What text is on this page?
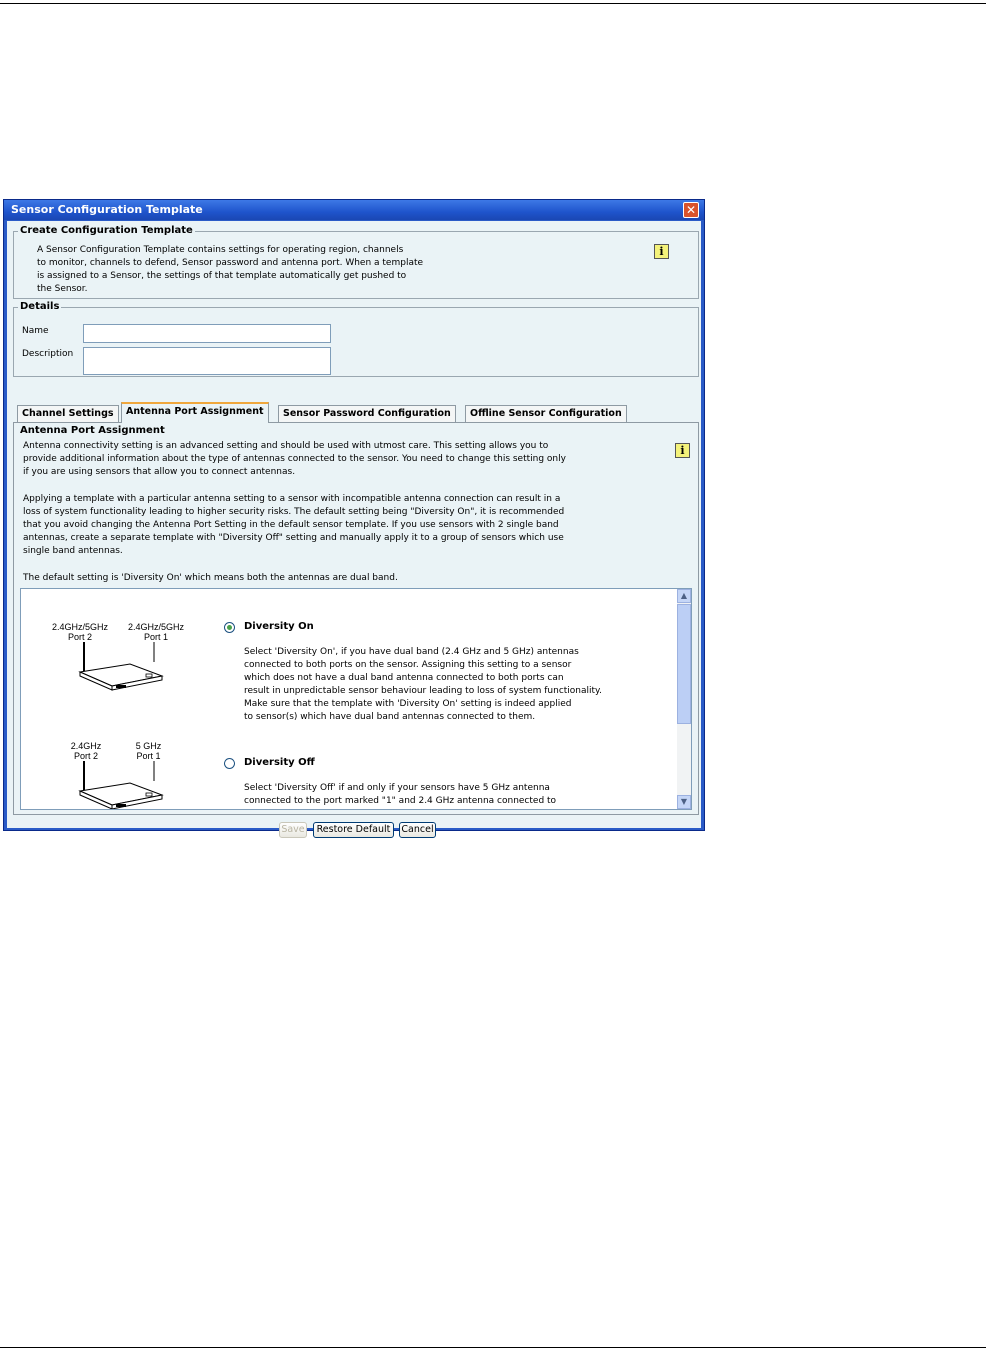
Sensor Configuration Template	✕
Create Configuration Template
A Sensor Configuration Template contains settings for operating region, channels
to monitor, channels to defend, Sensor password and antenna port. When a template
is assigned to a Sensor, the settings of that template automatically get pushed to
the Sensor.
i
Details
Name
Description
Channel Settings	Antenna Port Assignment	Sensor Password Configuration	Offline Sensor Configuration
Antenna Port Assignment
i
Antenna connectivity setting is an advanced setting and should be used with utmost care. This setting allows you to
provide additional information about the type of antennas connected to the sensor. You need to change this setting only
if you are using sensors that allow you to connect antennas.
Applying a template with a particular antenna setting to a sensor with incompatible antenna connection can result in a
loss of system functionality leading to higher security risks. The default setting being "Diversity On", it is recommended
that you avoid changing the Antenna Port Setting in the default sensor template. If you use sensors with 2 single band
antennas, create a separate template with "Diversity Off" setting and manually apply it to a group of sensors which use
single band antennas.
The default setting is 'Diversity On' which means both the antennas are dual band.
2.4GHz/5GHz
Port 2
2.4GHz/5GHz
Port 1
Diversity On
Select 'Diversity On', if you have dual band (2.4 GHz and 5 GHz) antennas
connected to both ports on the sensor. Assigning this setting to a sensor
which does not have a dual band antenna connected to both ports can
result in unpredictable sensor behaviour leading to loss of system functionality.
Make sure that the template with 'Diversity On' setting is indeed applied
to sensor(s) which have dual band antennas connected to them.
2.4GHz
Port 2
5 GHz
Port 1
Diversity Off
Select 'Diversity Off' if and only if your sensors have 5 GHz antenna
connected to the port marked "1" and 2.4 GHz antenna connected to
▲
▼
Save	Restore Default	Cancel
